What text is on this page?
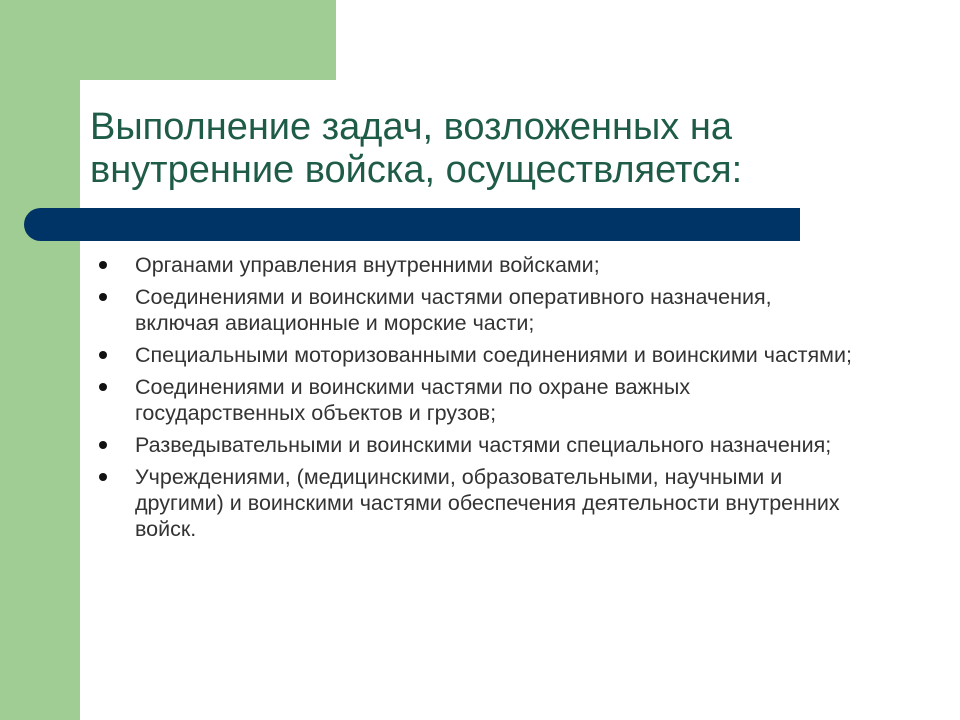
Выполнение задач, возложенных на внутренние войска, осуществляется:
Органами управления внутренними войсками;
Соединениями и воинскими частями оперативного назначения, включая авиационные и морские части;
Специальными моторизованными соединениями и воинскими частями;
Соединениями и воинскими частями по охране важных государственных объектов и грузов;
Разведывательными и воинскими частями специального назначения;
Учреждениями, (медицинскими, образовательными, научными и другими) и воинскими частями обеспечения деятельности внутренних войск.
